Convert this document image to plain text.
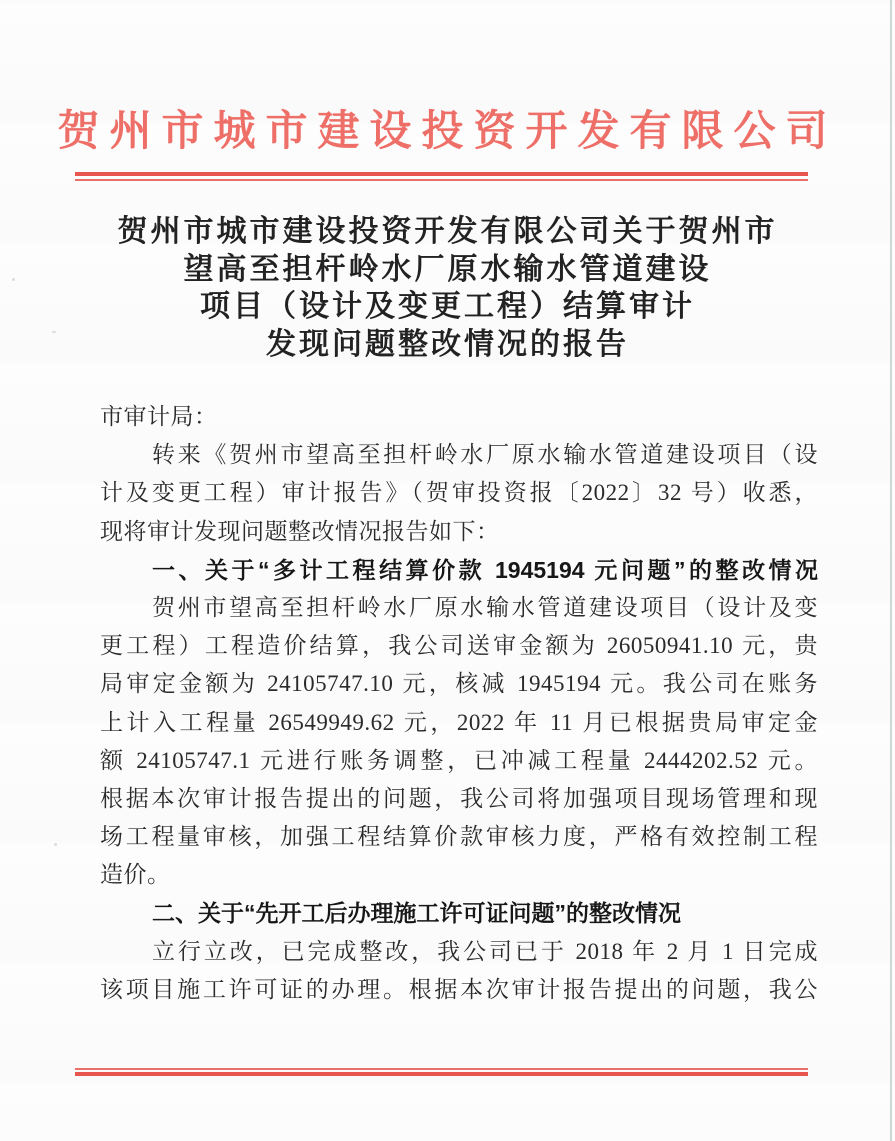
贺州市城市建设投资开发有限公司
贺州市城市建设投资开发有限公司关于贺州市
望高至担杆岭水厂原水输水管道建设
项目（设计及变更工程）结算审计
发现问题整改情况的报告
市审计局：
转来《贺州市望高至担杆岭水厂原水输水管道建设项目（设
计及变更工程）审计报告》（贺审投资报〔2022〕32 号）收悉，
现将审计发现问题整改情况报告如下：
一、关于“多计工程结算价款 1945194 元问题”的整改情况
贺州市望高至担杆岭水厂原水输水管道建设项目（设计及变
更工程）工程造价结算，我公司送审金额为 26050941.10 元，贵
局审定金额为 24105747.10 元，核减 1945194 元。我公司在账务
上计入工程量 26549949.62 元，2022 年 11 月已根据贵局审定金
额 24105747.1 元进行账务调整，已冲减工程量 2444202.52 元。
根据本次审计报告提出的问题，我公司将加强项目现场管理和现
场工程量审核，加强工程结算价款审核力度，严格有效控制工程
造价。
二、关于“先开工后办理施工许可证问题”的整改情况
立行立改，已完成整改，我公司已于 2018 年 2 月 1 日完成
该项目施工许可证的办理。根据本次审计报告提出的问题，我公
